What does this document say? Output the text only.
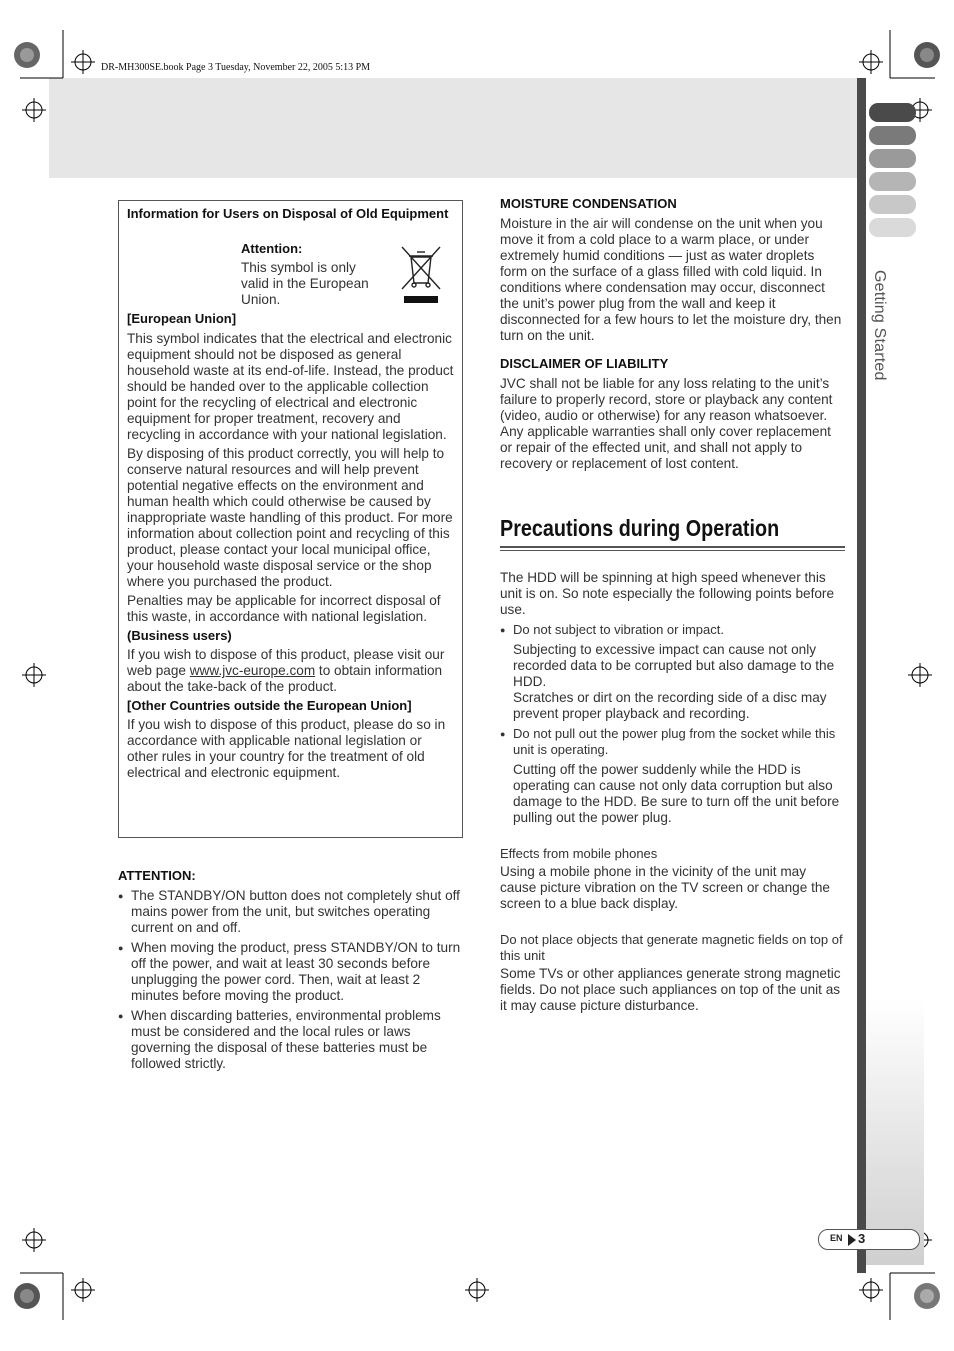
DR-MH300SE.book Page 3 Tuesday, November 22, 2005 5:13 PM
Getting Started
EN 3

Information for Users on Disposal of Old Equipment

Attention:

This symbol is only valid in the European Union.

[European Union]

This symbol indicates that the electrical and electronic equipment should not be disposed as general household waste at its end-of-life. Instead, the product should be handed over to the applicable collection point for the recycling of electrical and electronic equipment for proper treatment, recovery and recycling in accordance with your national legislation.

By disposing of this product correctly, you will help to conserve natural resources and will help prevent potential negative effects on the environment and human health which could otherwise be caused by inappropriate waste handling of this product. For more information about collection point and recycling of this product, please contact your local municipal office, your household waste disposal service or the shop where you purchased the product.

Penalties may be applicable for incorrect disposal of this waste, in accordance with national legislation.

(Business users)

If you wish to dispose of this product, please visit our web page www.jvc-europe.com to obtain information about the take-back of the product.

[Other Countries outside the European Union]

If you wish to dispose of this product, please do so in accordance with applicable national legislation or other rules in your country for the treatment of old electrical and electronic equipment.

ATTENTION:

● The STANDBY/ON button does not completely shut off mains power from the unit, but switches operating current on and off.

● When moving the product, press STANDBY/ON to turn off the power, and wait at least 30 seconds before unplugging the power cord. Then, wait at least 2 minutes before moving the product.

● When discarding batteries, environmental problems must be considered and the local rules or laws governing the disposal of these batteries must be followed strictly.

MOISTURE CONDENSATION

Moisture in the air will condense on the unit when you move it from a cold place to a warm place, or under extremely humid conditions — just as water droplets form on the surface of a glass filled with cold liquid. In conditions where condensation may occur, disconnect the unit’s power plug from the wall and keep it disconnected for a few hours to let the moisture dry, then turn on the unit.

DISCLAIMER OF LIABILITY

JVC shall not be liable for any loss relating to the unit’s failure to properly record, store or playback any content (video, audio or otherwise) for any reason whatsoever. Any applicable warranties shall only cover replacement or repair of the effected unit, and shall not apply to recovery or replacement of lost content.

Precautions during Operation

The HDD will be spinning at high speed whenever this unit is on. So note especially the following points before use.

● Do not subject to vibration or impact.

Subjecting to excessive impact can cause not only recorded data to be corrupted but also damage to the HDD.

Scratches or dirt on the recording side of a disc may prevent proper playback and recording.

● Do not pull out the power plug from the socket while this unit is operating.

Cutting off the power suddenly while the HDD is operating can cause not only data corruption but also damage to the HDD. Be sure to turn off the unit before pulling out the power plug.

Effects from mobile phones

Using a mobile phone in the vicinity of the unit may cause picture vibration on the TV screen or change the screen to a blue back display.

Do not place objects that generate magnetic fields on top of this unit

Some TVs or other appliances generate strong magnetic fields. Do not place such appliances on top of the unit as it may cause picture disturbance.
